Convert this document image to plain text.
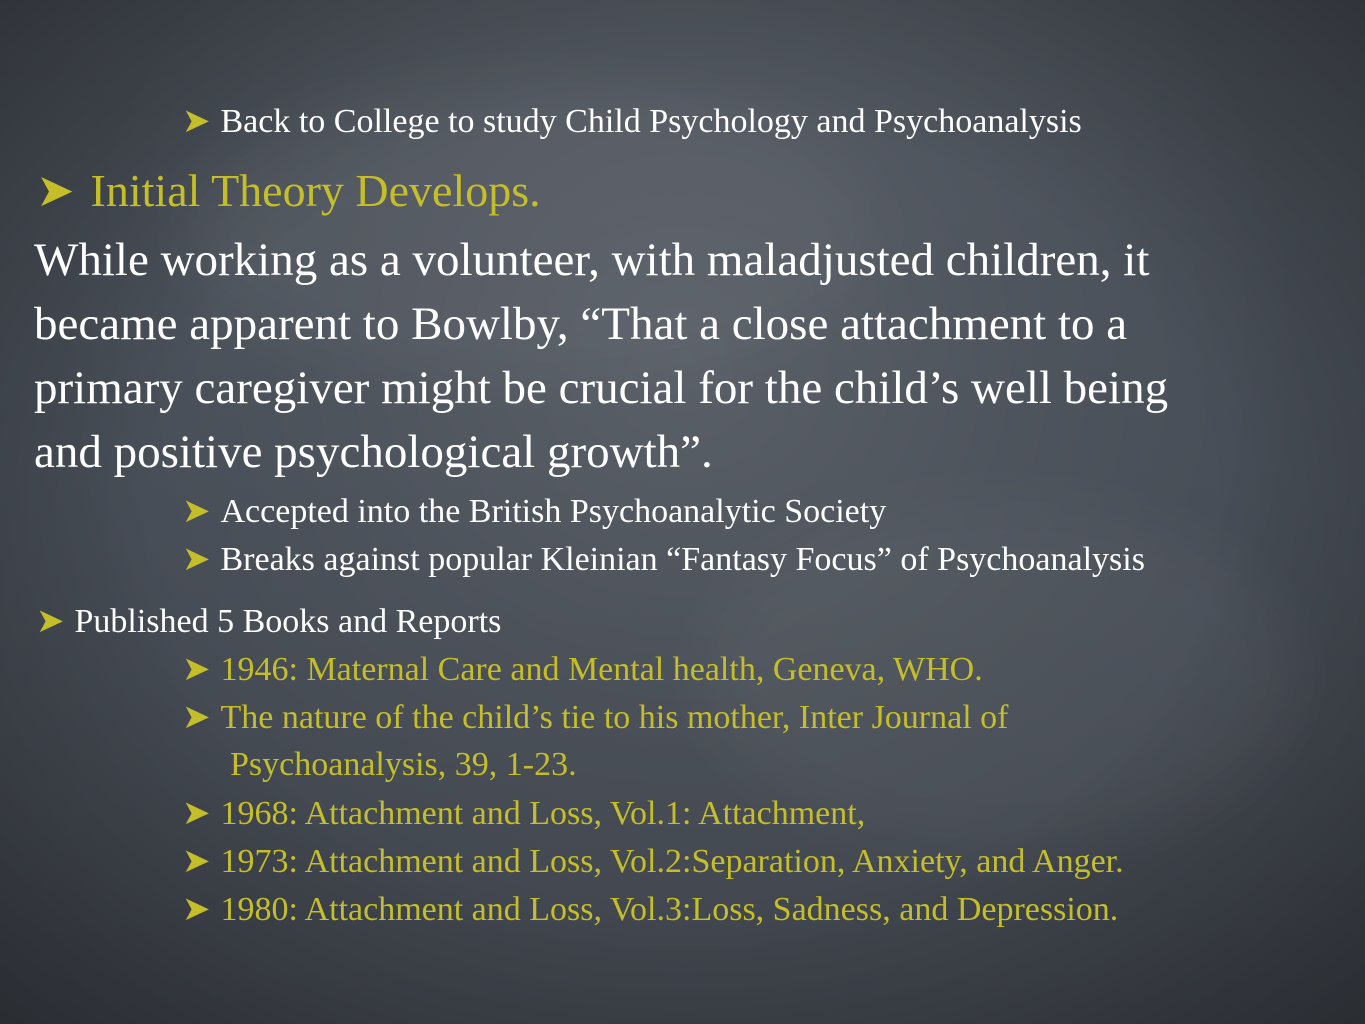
➤ Back to College to study Child Psychology and Psychoanalysis
➤ Initial Theory Develops.
While working as a volunteer, with maladjusted children, it
became apparent to Bowlby, “That a close attachment to a
primary caregiver might be crucial for the child’s well being
and positive psychological growth”.
➤ Accepted into the British Psychoanalytic Society
➤ Breaks against popular Kleinian “Fantasy Focus” of Psychoanalysis
➤ Published 5 Books and Reports
➤ 1946: Maternal Care and Mental health, Geneva, WHO.
➤ The nature of the child’s tie to his mother, Inter Journal of
Psychoanalysis, 39, 1-23.
➤ 1968: Attachment and Loss, Vol.1: Attachment,
➤ 1973: Attachment and Loss, Vol.2:Separation, Anxiety, and Anger.
➤ 1980: Attachment and Loss, Vol.3:Loss, Sadness, and Depression.
